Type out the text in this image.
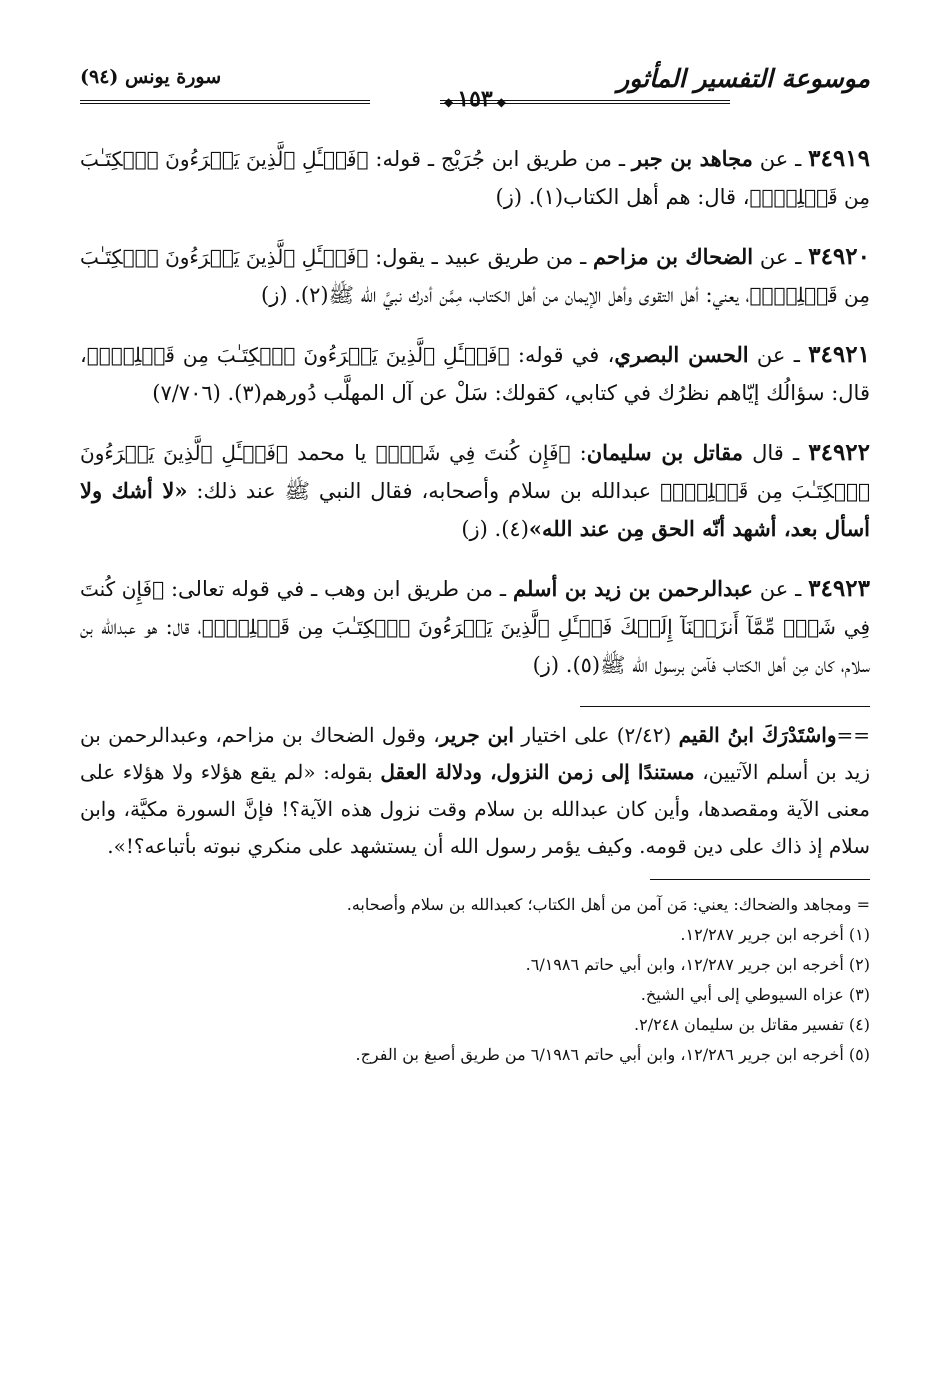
موسوعة التفسير المأثور
◆١٥٣◆
سورة يونس (٩٤)
٣٤٩١٩ ـ عن مجاهد بن جبر ـ من طريق ابن جُرَيْج ـ قوله: ﴿فَسۡـَٔلِ ٱلَّذِينَ يَقۡرَءُونَ ٱلۡكِتَـٰبَ مِن قَبۡلِكَۚ﴾، قال: هم أهل الكتاب(١). (ز)
٣٤٩٢٠ ـ عن الضحاك بن مزاحم ـ من طريق عبيد ـ يقول: ﴿فَسۡـَٔلِ ٱلَّذِينَ يَقۡرَءُونَ ٱلۡكِتَـٰبَ مِن قَبۡلِكَۚ﴾، يعني: أهل التقوى وأهل الإيمان من أهل الكتاب، مِمَّن أدرك نبيَّ الله ﷺ(٢). (ز)
٣٤٩٢١ ـ عن الحسن البصري، في قوله: ﴿فَسۡـَٔلِ ٱلَّذِينَ يَقۡرَءُونَ ٱلۡكِتَـٰبَ مِن قَبۡلِكَۚ﴾، قال: سؤالُك إيّاهم نظرُك في كتابي، كقولك: سَلْ عن آل المهلَّب دُورهم(٣). (٧/٧٠٦)
٣٤٩٢٢ ـ قال مقاتل بن سليمان: ﴿فَإِن كُنتَ فِي شَكّٖ﴾ يا محمد ﴿فَسۡـَٔلِ ٱلَّذِينَ يَقۡرَءُونَ ٱلۡكِتَـٰبَ مِن قَبۡلِكَۚ﴾ عبدالله بن سلام وأصحابه، فقال النبي ﷺ عند ذلك: «لا أشك ولا أسأل بعد، أشهد أنّه الحق مِن عند الله»(٤). (ز)
٣٤٩٢٣ ـ عن عبدالرحمن بن زيد بن أسلم ـ من طريق ابن وهب ـ في قوله تعالى: ﴿فَإِن كُنتَ فِي شَكّٖ مِّمَّآ أَنزَلۡنَآ إِلَيۡكَ فَسۡـَٔلِ ٱلَّذِينَ يَقۡرَءُونَ ٱلۡكِتَـٰبَ مِن قَبۡلِكَۚ﴾، قال: هو عبدالله بن سلام، كان مِن أهل الكتاب فآمن برسول الله ﷺ(٥). (ز)
==واسْتَدْرَكَ ابنُ القيم (٢/٤٢) على اختيار ابن جرير، وقول الضحاك بن مزاحم، وعبدالرحمن بن زيد بن أسلم الآتيين، مستندًا إلى زمن النزول، ودلالة العقل بقوله: «لم يقع هؤلاء ولا هؤلاء على معنى الآية ومقصدها، وأين كان عبدالله بن سلام وقت نزول هذه الآية؟! فإنَّ السورة مكيَّة، وابن سلام إذ ذاك على دين قومه. وكيف يؤمر رسول الله أن يستشهد على منكري نبوته بأتباعه؟!».
= ومجاهد والضحاك: يعني: مَن آمن من أهل الكتاب؛ كعبدالله بن سلام وأصحابه.
(١) أخرجه ابن جرير ١٢/٢٨٧.
(٢) أخرجه ابن جرير ١٢/٢٨٧، وابن أبي حاتم ٦/١٩٨٦.
(٣) عزاه السيوطي إلى أبي الشيخ.
(٤) تفسير مقاتل بن سليمان ٢/٢٤٨.
(٥) أخرجه ابن جرير ١٢/٢٨٦، وابن أبي حاتم ٦/١٩٨٦ من طريق أصبغ بن الفرج.
